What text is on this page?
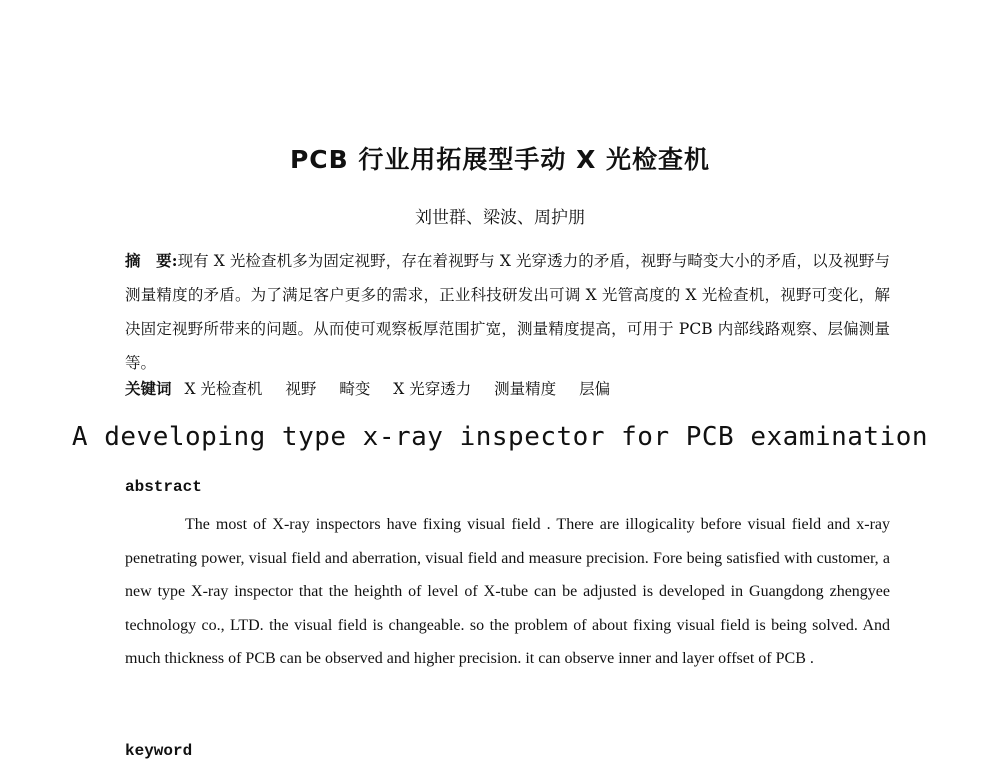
PCB 行业用拓展型手动 X 光检查机
刘世群、梁波、周护朋
摘　要:现有 X 光检查机多为固定视野，存在着视野与 X 光穿透力的矛盾，视野与畸变大小的矛盾，以及视野与测量精度的矛盾。为了满足客户更多的需求，正业科技研发出可调 X 光管高度的 X 光检查机，视野可变化，解决固定视野所带来的问题。从而使可观察板厚范围扩宽，测量精度提高，可用于 PCB 内部线路观察、层偏测量等。
关键词 X 光检查机 视野 畸变 X 光穿透力 测量精度 层偏
A developing type x-ray inspector for PCB examination
abstract
The most of X-ray inspectors have fixing visual field . There are illogicality before visual field and x-ray penetrating power, visual field and aberration, visual field and measure precision. Fore being satisfied with customer, a new type X-ray inspector that the heighth of level of X-tube can be adjusted is developed in Guangdong zhengyee technology co., LTD. the visual field is changeable. so the problem of about fixing visual field is being solved. And much thickness of PCB can be observed and higher precision. it can observe inner and layer offset of PCB .
keyword
